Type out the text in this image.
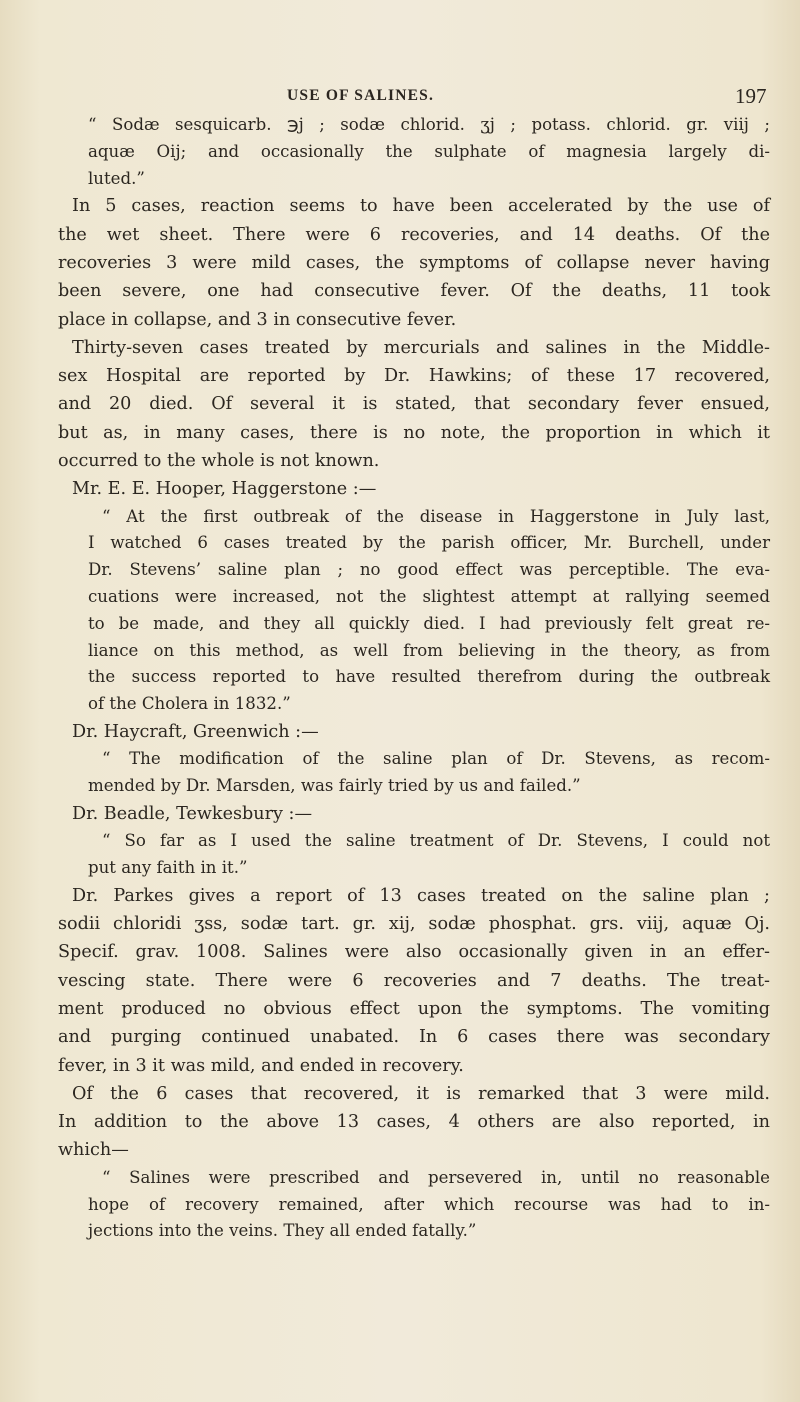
USE OF SALINES.	197

“ Sodæ sesquicarb. ℈j ; sodæ chlorid. ʒj ; potass. chlorid. gr. viij ;
aquæ Oij; and occasionally the sulphate of magnesia largely di-
luted.”

In 5 cases, reaction seems to have been accelerated by the use of
the wet sheet. There were 6 recoveries, and 14 deaths. Of the
recoveries 3 were mild cases, the symptoms of collapse never having
been severe, one had consecutive fever. Of the deaths, 11 took
place in collapse, and 3 in consecutive fever.

Thirty-seven cases treated by mercurials and salines in the Middle-
sex Hospital are reported by Dr. Hawkins; of these 17 recovered,
and 20 died. Of several it is stated, that secondary fever ensued,
but as, in many cases, there is no note, the proportion in which it
occurred to the whole is not known.

Mr. E. E. Hooper, Haggerstone :—

“ At the first outbreak of the disease in Haggerstone in July last,
I watched 6 cases treated by the parish officer, Mr. Burchell, under
Dr. Stevens’ saline plan ; no good effect was perceptible. The eva-
cuations were increased, not the slightest attempt at rallying seemed
to be made, and they all quickly died. I had previously felt great re-
liance on this method, as well from believing in the theory, as from
the success reported to have resulted therefrom during the outbreak
of the Cholera in 1832.”

Dr. Haycraft, Greenwich :—

“ The modification of the saline plan of Dr. Stevens, as recom-
mended by Dr. Marsden, was fairly tried by us and failed.”

Dr. Beadle, Tewkesbury :—

“ So far as I used the saline treatment of Dr. Stevens, I could not
put any faith in it.”

Dr. Parkes gives a report of 13 cases treated on the saline plan ;
sodii chloridi ʒss, sodæ tart. gr. xij, sodæ phosphat. grs. viij, aquæ Oj.
Specif. grav. 1008. Salines were also occasionally given in an effer-
vescing state. There were 6 recoveries and 7 deaths. The treat-
ment produced no obvious effect upon the symptoms. The vomiting
and purging continued unabated. In 6 cases there was secondary
fever, in 3 it was mild, and ended in recovery.

Of the 6 cases that recovered, it is remarked that 3 were mild.
In addition to the above 13 cases, 4 others are also reported, in
which—

“ Salines were prescribed and persevered in, until no reasonable
hope of recovery remained, after which recourse was had to in-
jections into the veins. They all ended fatally.”
